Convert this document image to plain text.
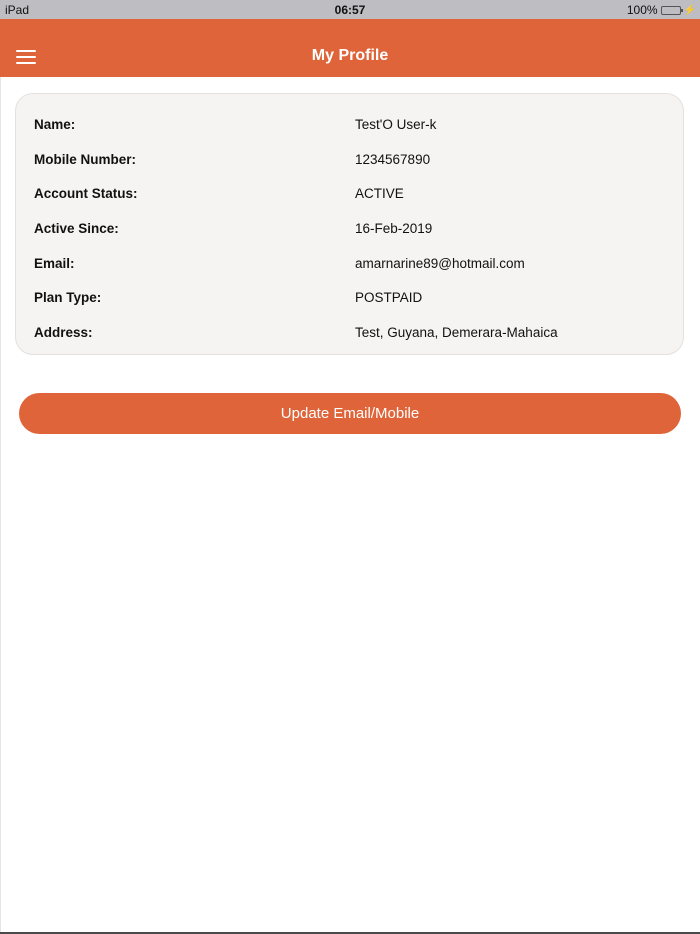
iPad	06:57	100%	⚡
My Profile
Name:	Test'O User-k
Mobile Number:	1234567890
Account Status:	ACTIVE
Active Since:	16-Feb-2019
Email:	amarnarine89@hotmail.com
Plan Type:	POSTPAID
Address:	Test, Guyana, Demerara-Mahaica
Update Email/Mobile
